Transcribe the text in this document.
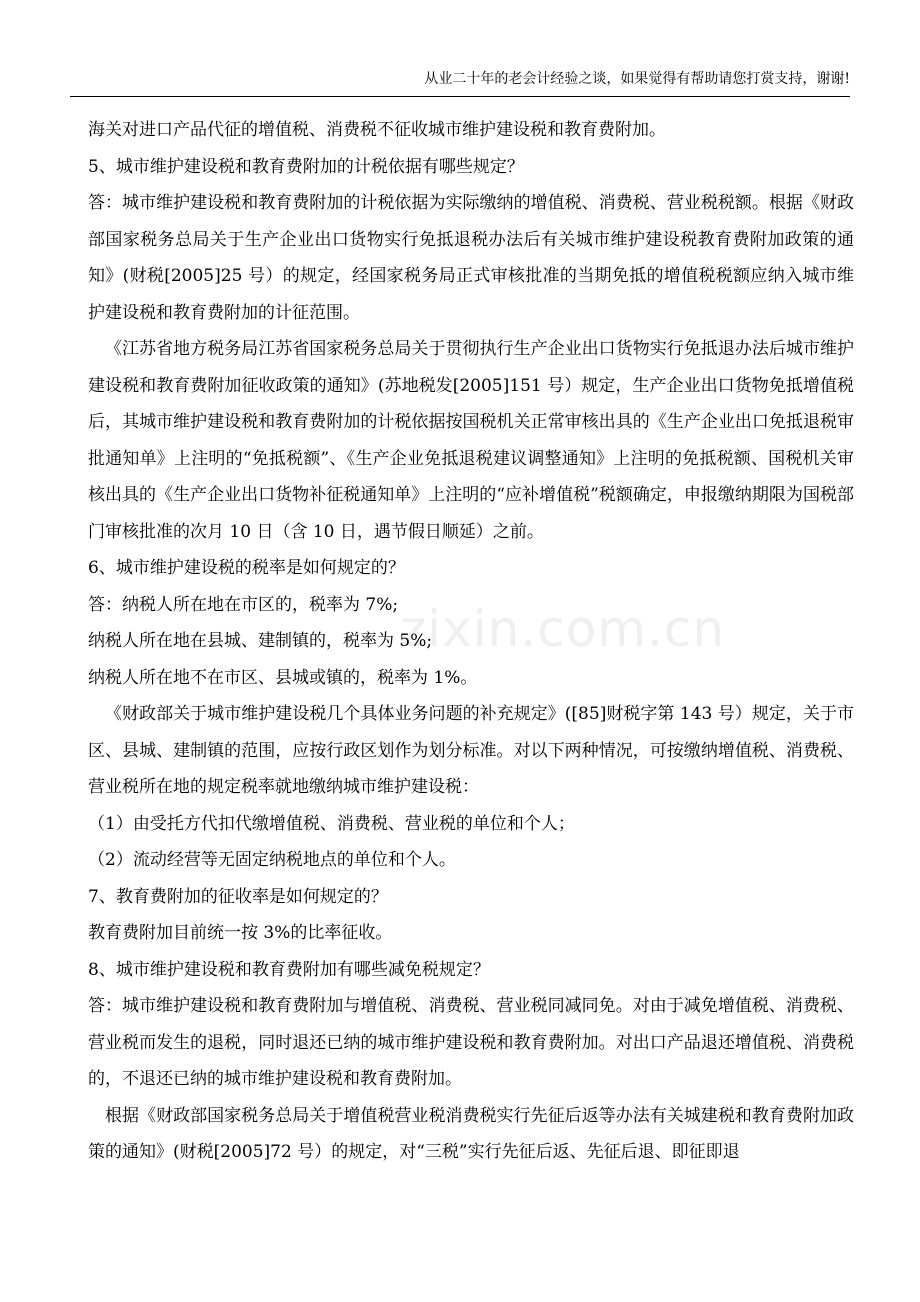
从业二十年的老会计经验之谈，如果觉得有帮助请您打赏支持，谢谢!
zixin.com.cn

海关对进口产品代征的增值税、消费税不征收城市维护建设税和教育费附加。

5、城市维护建设税和教育费附加的计税依据有哪些规定？

答：城市维护建设税和教育费附加的计税依据为实际缴纳的增值税、消费税、营业税税额。根据《财政部国家税务总局关于生产企业出口货物实行免抵退税办法后有关城市维护建设税教育费附加政策的通知》(财税[2005]25 号）的规定，经国家税务局正式审核批准的当期免抵的增值税税额应纳入城市维护建设税和教育费附加的计征范围。

《江苏省地方税务局江苏省国家税务总局关于贯彻执行生产企业出口货物实行免抵退办法后城市维护建设税和教育费附加征收政策的通知》(苏地税发[2005]151 号）规定，生产企业出口货物免抵增值税后，其城市维护建设税和教育费附加的计税依据按国税机关正常审核出具的《生产企业出口免抵退税审批通知单》上注明的“免抵税额”、《生产企业免抵退税建议调整通知》上注明的免抵税额、国税机关审核出具的《生产企业出口货物补征税通知单》上注明的“应补增值税”税额确定，申报缴纳期限为国税部门审核批准的次月 10 日（含 10 日，遇节假日顺延）之前。

6、城市维护建设税的税率是如何规定的？

答：纳税人所在地在市区的，税率为 7%;

纳税人所在地在县城、建制镇的，税率为 5%;

纳税人所在地不在市区、县城或镇的，税率为 1%。

《财政部关于城市维护建设税几个具体业务问题的补充规定》([85]财税字第 143 号）规定，关于市区、县城、建制镇的范围，应按行政区划作为划分标准。对以下两种情况，可按缴纳增值税、消费税、营业税所在地的规定税率就地缴纳城市维护建设税：

（1）由受托方代扣代缴增值税、消费税、营业税的单位和个人；

（2）流动经营等无固定纳税地点的单位和个人。

7、教育费附加的征收率是如何规定的？

教育费附加目前统一按 3%的比率征收。

8、城市维护建设税和教育费附加有哪些减免税规定？

答：城市维护建设税和教育费附加与增值税、消费税、营业税同减同免。对由于减免增值税、消费税、营业税而发生的退税，同时退还已纳的城市维护建设税和教育费附加。对出口产品退还增值税、消费税的，不退还已纳的城市维护建设税和教育费附加。

根据《财政部国家税务总局关于增值税营业税消费税实行先征后返等办法有关城建税和教育费附加政策的通知》(财税[2005]72 号）的规定，对“三税”实行先征后返、先征后退、即征即退
